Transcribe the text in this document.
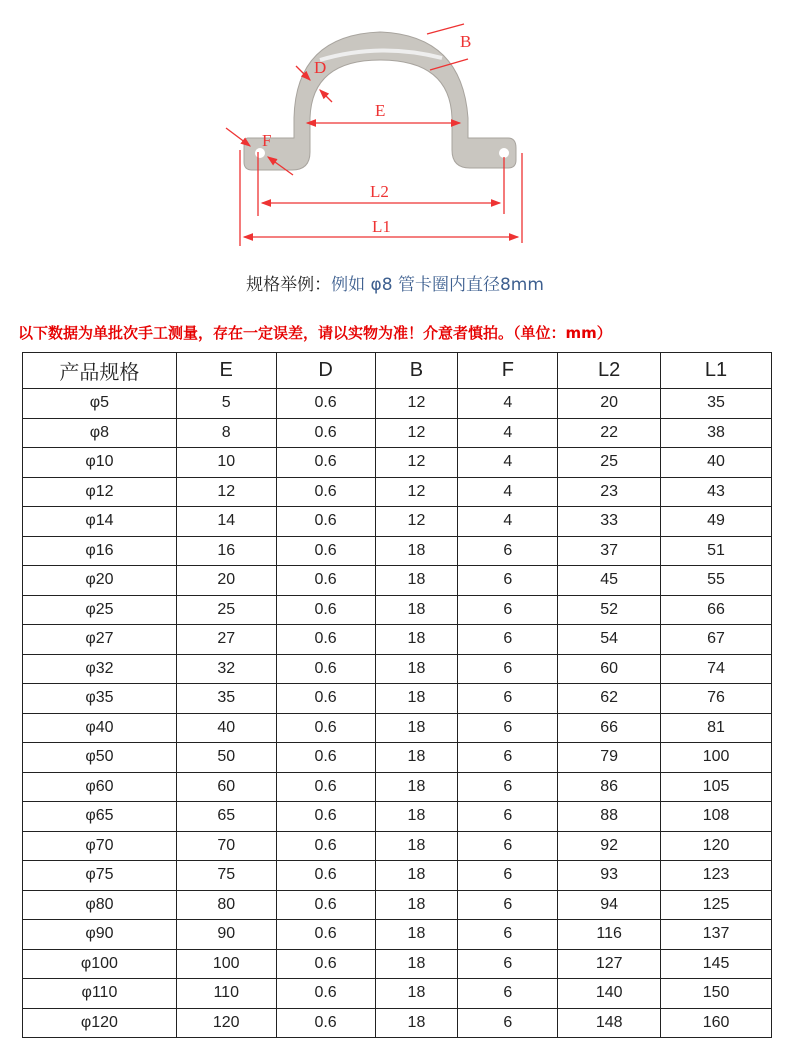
B
D
E
F
L2
L1
规格举例：例如 φ8 管卡圈内直径8mm
以下数据为单批次手工测量，存在一定误差，请以实物为准！介意者慎拍。（单位：mm）
产品规格	E	D	B	F	L2	L1
φ5	5	0.6	12	4	20	35
φ8	8	0.6	12	4	22	38
φ10	10	0.6	12	4	25	40
φ12	12	0.6	12	4	23	43
φ14	14	0.6	12	4	33	49
φ16	16	0.6	18	6	37	51
φ20	20	0.6	18	6	45	55
φ25	25	0.6	18	6	52	66
φ27	27	0.6	18	6	54	67
φ32	32	0.6	18	6	60	74
φ35	35	0.6	18	6	62	76
φ40	40	0.6	18	6	66	81
φ50	50	0.6	18	6	79	100
φ60	60	0.6	18	6	86	105
φ65	65	0.6	18	6	88	108
φ70	70	0.6	18	6	92	120
φ75	75	0.6	18	6	93	123
φ80	80	0.6	18	6	94	125
φ90	90	0.6	18	6	116	137
φ100	100	0.6	18	6	127	145
φ110	110	0.6	18	6	140	150
φ120	120	0.6	18	6	148	160
